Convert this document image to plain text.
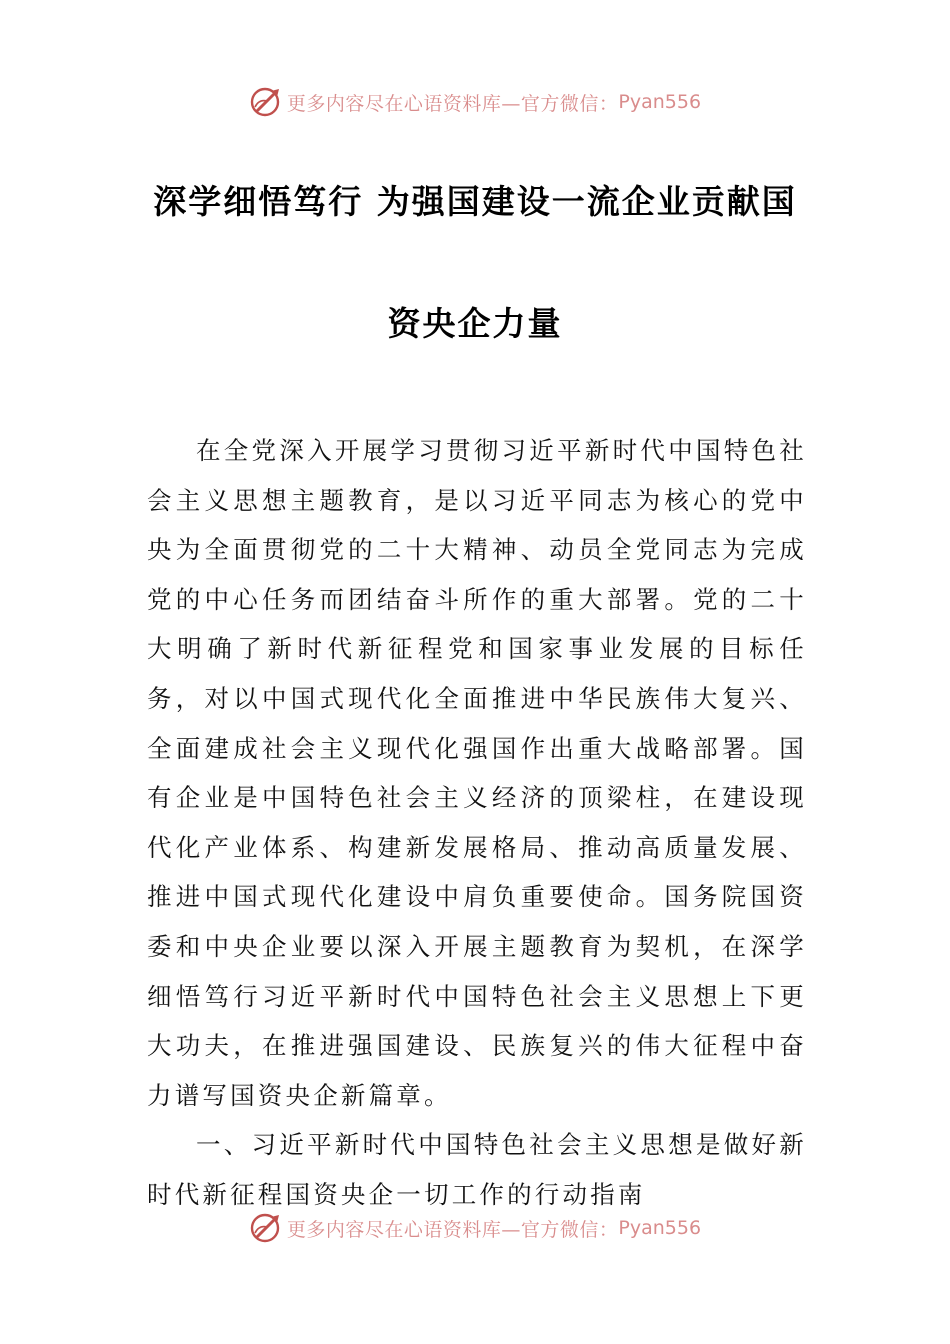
更多内容尽在心语资料库—官方微信： Pyan556
深学细悟笃行 为强国建设一流企业贡献国
资央企力量

在全党深入开展学习贯彻习近平新时代中国特色社会主义思想主题教育，是以习近平同志为核心的党中央为全面贯彻党的二十大精神、动员全党同志为完成党的中心任务而团结奋斗所作的重大部署。党的二十大明确了新时代新征程党和国家事业发展的目标任务，对以中国式现代化全面推进中华民族伟大复兴、全面建成社会主义现代化强国作出重大战略部署。国有企业是中国特色社会主义经济的顶梁柱，在建设现代化产业体系、构建新发展格局、推动高质量发展、推进中国式现代化建设中肩负重要使命。国务院国资委和中央企业要以深入开展主题教育为契机，在深学细悟笃行习近平新时代中国特色社会主义思想上下更大功夫，在推进强国建设、民族复兴的伟大征程中奋力谱写国资央企新篇章。

一、习近平新时代中国特色社会主义思想是做好新时代新征程国资央企一切工作的行动指南

更多内容尽在心语资料库—官方微信： Pyan556
